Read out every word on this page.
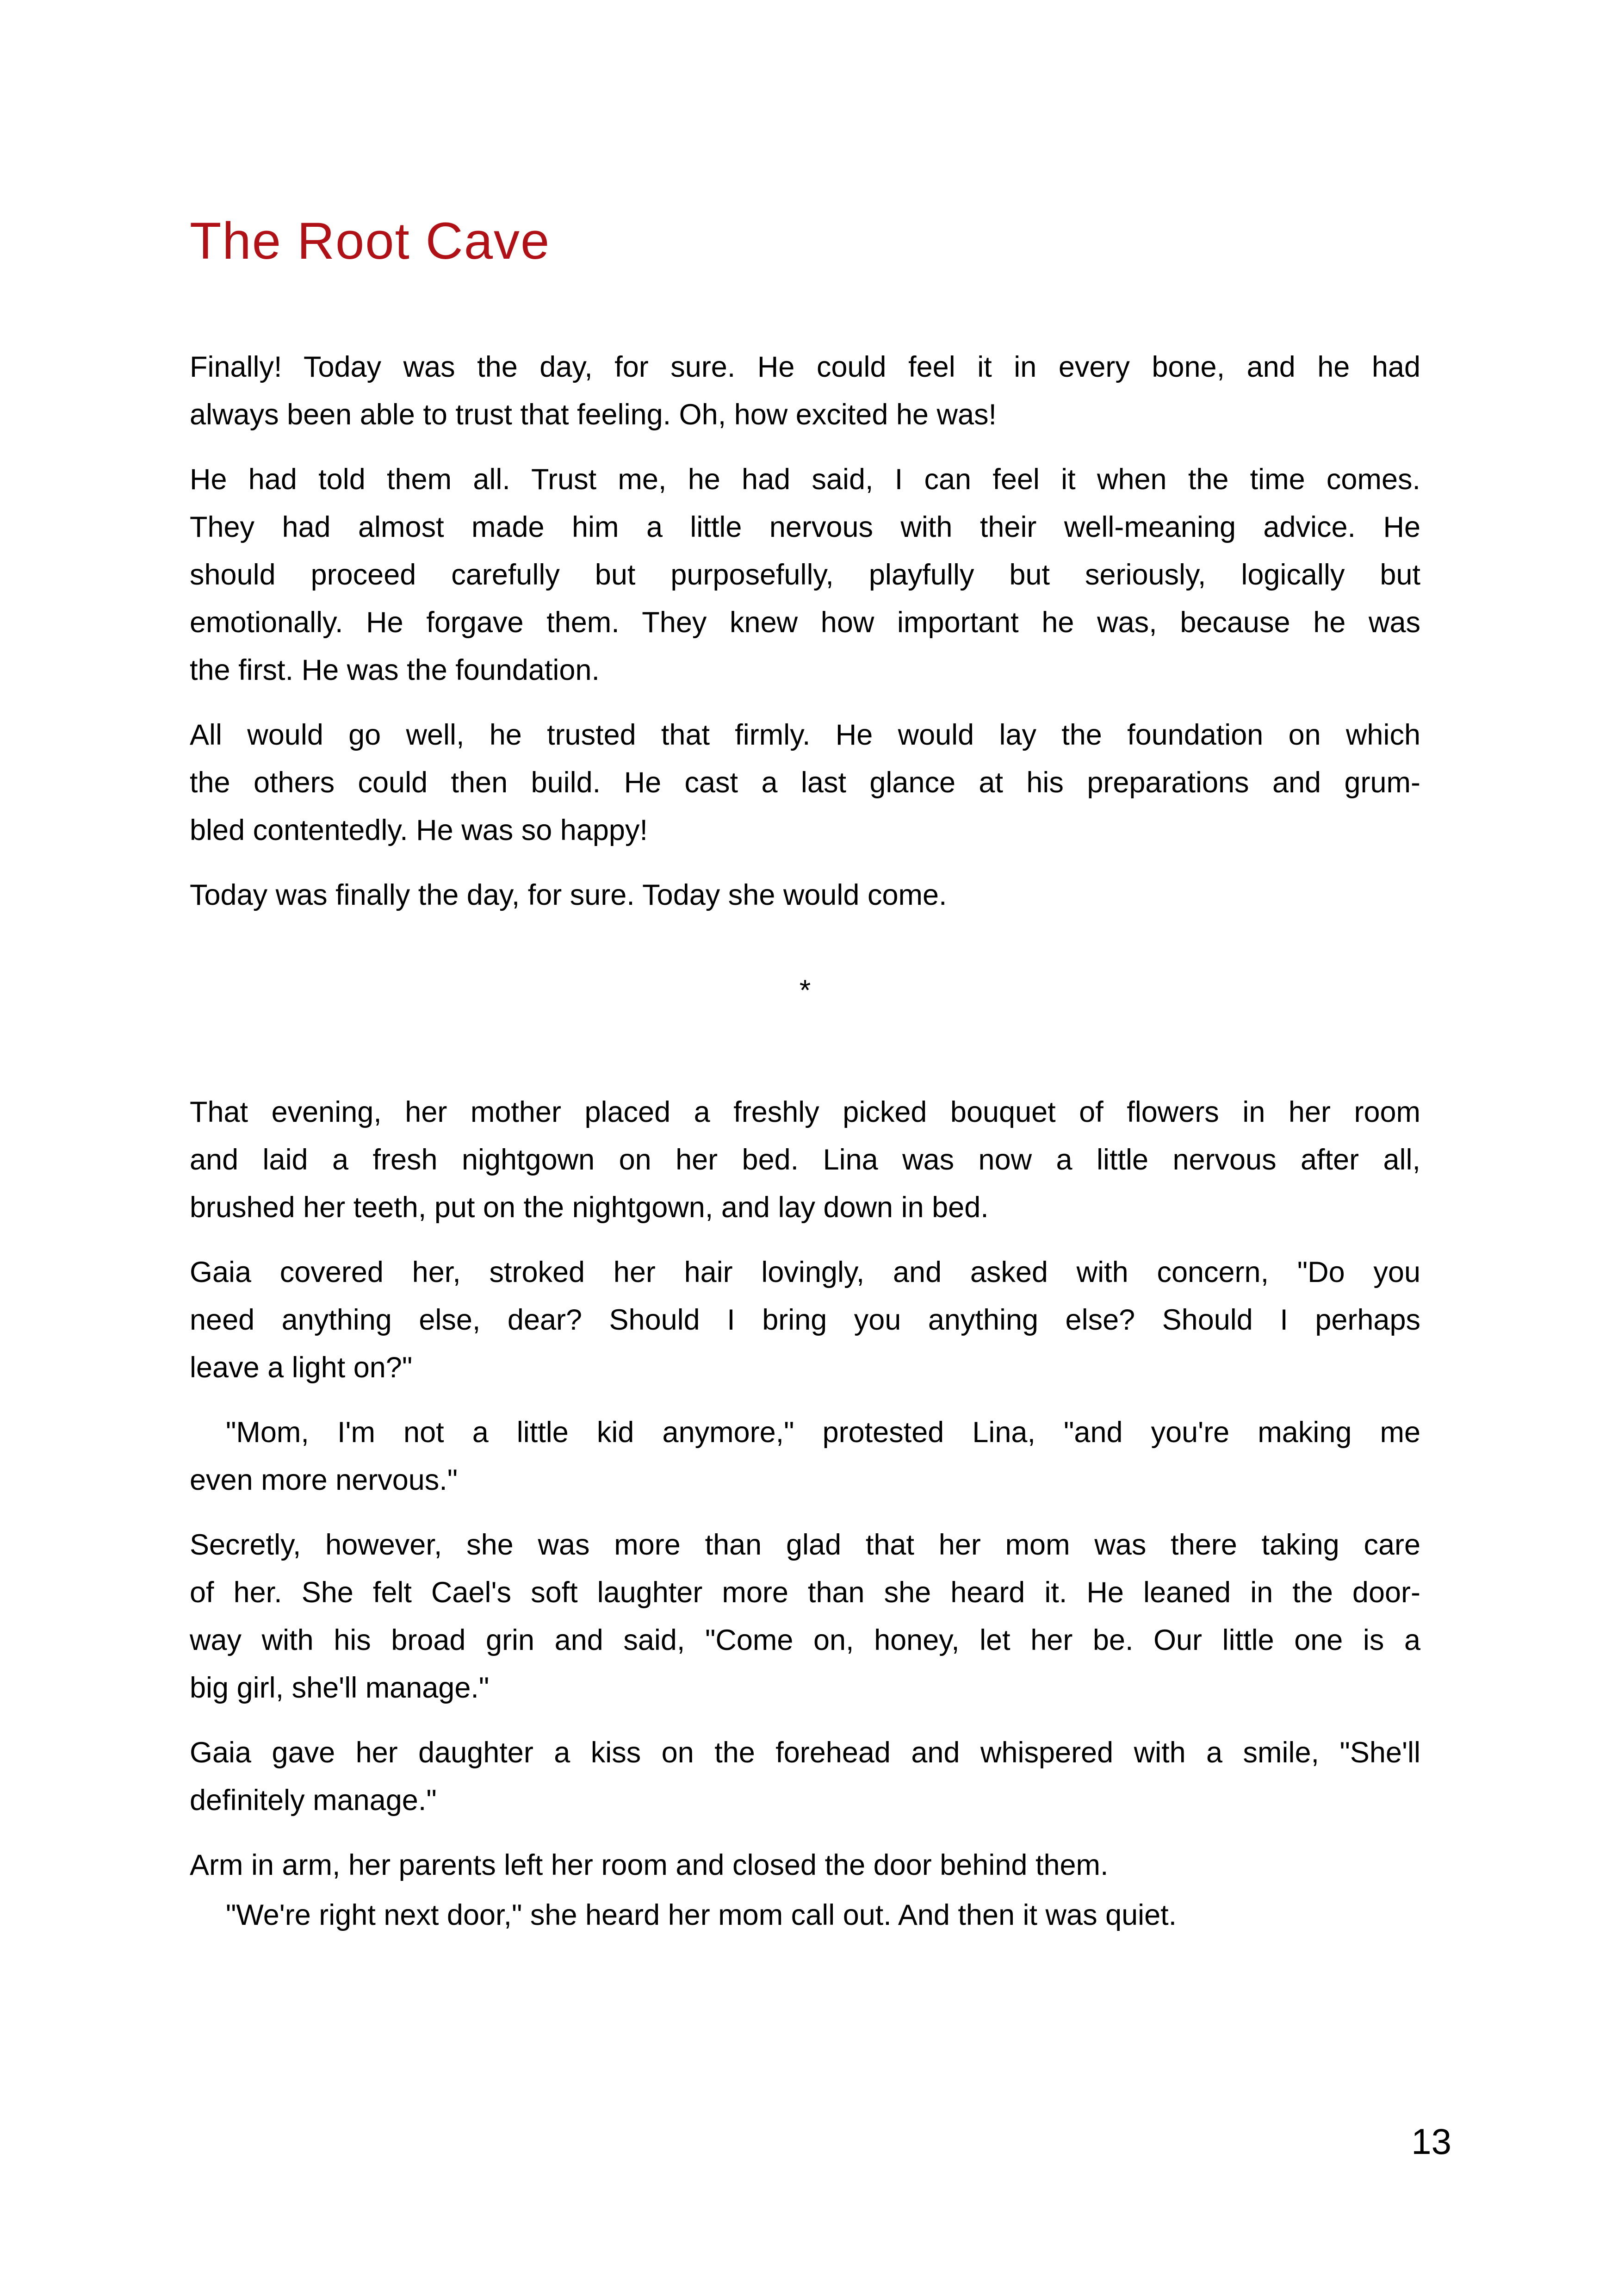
The Root Cave
Finally! Today was the day, for sure. He could feel it in every bone, and he had
always been able to trust that feeling. Oh, how excited he was!
He had told them all. Trust me, he had said, I can feel it when the time comes.
They had almost made him a little nervous with their well-meaning advice. He
should proceed carefully but purposefully, playfully but seriously, logically but
emotionally. He forgave them. They knew how important he was, because he was
the first. He was the foundation.
All would go well, he trusted that firmly. He would lay the foundation on which
the others could then build. He cast a last glance at his preparations and grum-
bled contentedly. He was so happy!
Today was finally the day, for sure. Today she would come.
*
That evening, her mother placed a freshly picked bouquet of flowers in her room
and laid a fresh nightgown on her bed. Lina was now a little nervous after all,
brushed her teeth, put on the nightgown, and lay down in bed.
Gaia covered her, stroked her hair lovingly, and asked with concern, "Do you
need anything else, dear? Should I bring you anything else? Should I perhaps
leave a light on?"
"Mom, I'm not a little kid anymore," protested Lina, "and you're making me
even more nervous."
Secretly, however, she was more than glad that her mom was there taking care
of her. She felt Cael's soft laughter more than she heard it. He leaned in the door-
way with his broad grin and said, "Come on, honey, let her be. Our little one is a
big girl, she'll manage."
Gaia gave her daughter a kiss on the forehead and whispered with a smile, "She'll
definitely manage."
Arm in arm, her parents left her room and closed the door behind them.
"We're right next door," she heard her mom call out. And then it was quiet.
13
